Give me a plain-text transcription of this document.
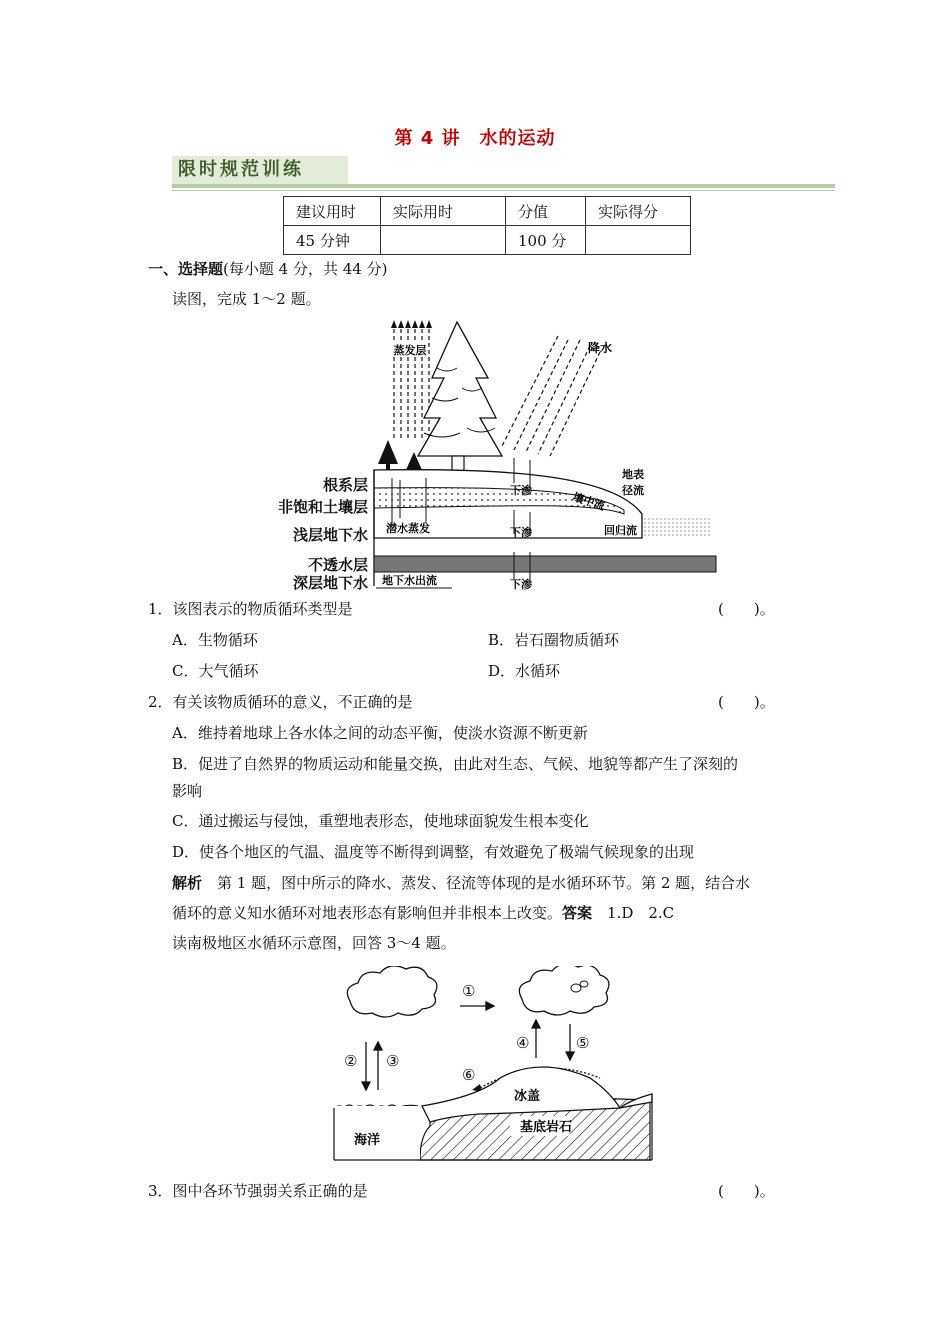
第 4 讲　水的运动
限时规范训练
建议用时	实际用时	分值	实际得分
45 分钟		100 分	
一、选择题(每小题 4 分，共 44 分)
读图，完成 1～2 题。
蒸发层	降水
下渗
下渗
下渗
地表
径流
壤中流
回归流
潜水蒸发
地下水出流
根系层
非饱和土壤层
浅层地下水
不透水层
深层地下水
1．该图表示的物质循环类型是	(　　)。
A．生物循环	B．岩石圈物质循环
C．大气循环	D．水循环
2．有关该物质循环的意义，不正确的是	(　　)。
A．维持着地球上各水体之间的动态平衡，使淡水资源不断更新
B．促进了自然界的物质运动和能量交换，由此对生态、气候、地貌等都产生了深刻的
影响
C．通过搬运与侵蚀，重塑地表形态，使地球面貌发生根本变化
D．使各个地区的气温、温度等不断得到调整，有效避免了极端气候现象的出现
解析　第 1 题，图中所示的降水、蒸发、径流等体现的是水循环环节。第 2 题，结合水
循环的意义知水循环对地表形态有影响但并非根本上改变。答案　1.D　2.C
读南极地区水循环示意图，回答 3～4 题。
①
② ③
④	⑤
⑥
冰盖
海洋
基底岩石
3．图中各环节强弱关系正确的是	(　　)。
